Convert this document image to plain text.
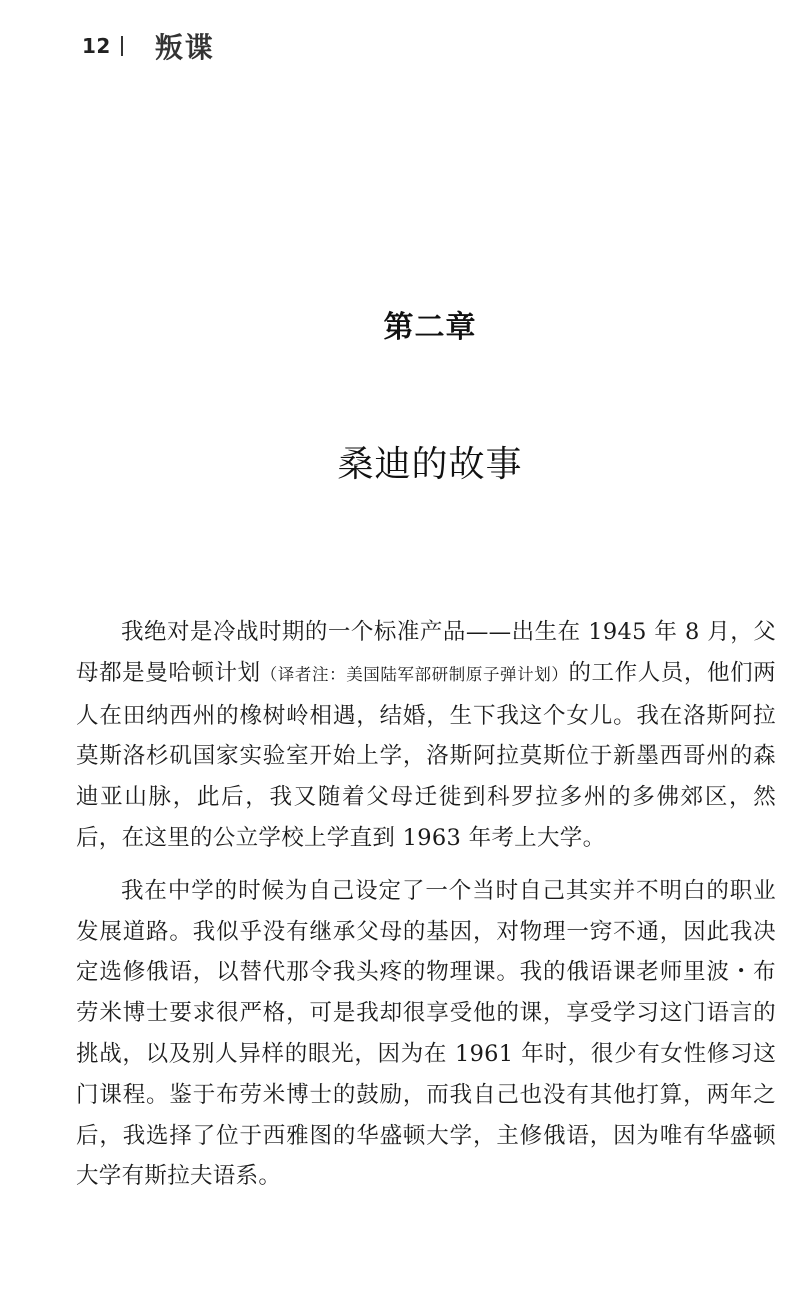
12 叛谍
第二章
桑迪的故事

我绝对是冷战时期的一个标准产品——出生在 1945 年 8 月，父母都是曼哈顿计划（译者注：美国陆军部研制原子弹计划）的工作人员，他们两人在田纳西州的橡树岭相遇，结婚，生下我这个女儿。我在洛斯阿拉莫斯洛杉矶国家实验室开始上学，洛斯阿拉莫斯位于新墨西哥州的森迪亚山脉，此后，我又随着父母迁徙到科罗拉多州的多佛郊区，然后，在这里的公立学校上学直到 1963 年考上大学。

我在中学的时候为自己设定了一个当时自己其实并不明白的职业发展道路。我似乎没有继承父母的基因，对物理一窍不通，因此我决定选修俄语，以替代那令我头疼的物理课。我的俄语课老师里波・布劳米博士要求很严格，可是我却很享受他的课，享受学习这门语言的挑战，以及别人异样的眼光，因为在 1961 年时，很少有女性修习这门课程。鉴于布劳米博士的鼓励，而我自己也没有其他打算，两年之后，我选择了位于西雅图的华盛顿大学，主修俄语，因为唯有华盛顿大学有斯拉夫语系。
